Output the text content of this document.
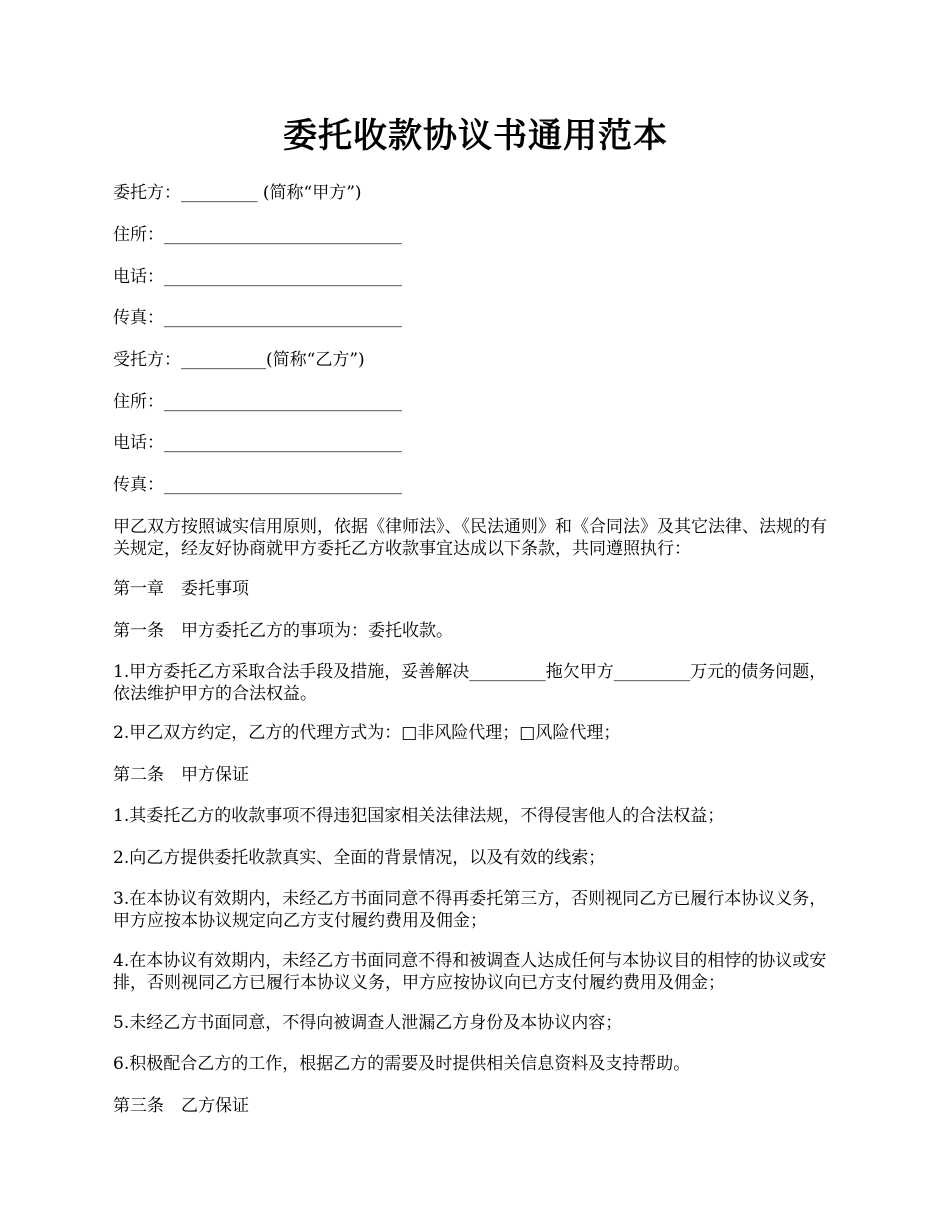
委托收款协议书通用范本
委托方：_________ (简称“甲方”)
住所：____________________________
电话：____________________________
传真：____________________________
受托方：__________(简称“乙方”)
住所：____________________________
电话：____________________________
传真：____________________________
甲乙双方按照诚实信用原则，依据《律师法》、《民法通则》和《合同法》及其它法律、法规的有关规定，经友好协商就甲方委托乙方收款事宜达成以下条款，共同遵照执行：
第一章　委托事项
第一条　甲方委托乙方的事项为：委托收款。
1.甲方委托乙方采取合法手段及措施，妥善解决_________拖欠甲方_________万元的债务问题，依法维护甲方的合法权益。
2.甲乙双方约定，乙方的代理方式为：□非风险代理；□风险代理；
第二条　甲方保证
1.其委托乙方的收款事项不得违犯国家相关法律法规，不得侵害他人的合法权益；
2.向乙方提供委托收款真实、全面的背景情况，以及有效的线索；
3.在本协议有效期内，未经乙方书面同意不得再委托第三方，否则视同乙方已履行本协议义务，甲方应按本协议规定向乙方支付履约费用及佣金；
4.在本协议有效期内，未经乙方书面同意不得和被调查人达成任何与本协议目的相悖的协议或安排，否则视同乙方已履行本协议义务，甲方应按协议向已方支付履约费用及佣金；
5.未经乙方书面同意，不得向被调查人泄漏乙方身份及本协议内容；
6.积极配合乙方的工作，根据乙方的需要及时提供相关信息资料及支持帮助。
第三条　乙方保证
